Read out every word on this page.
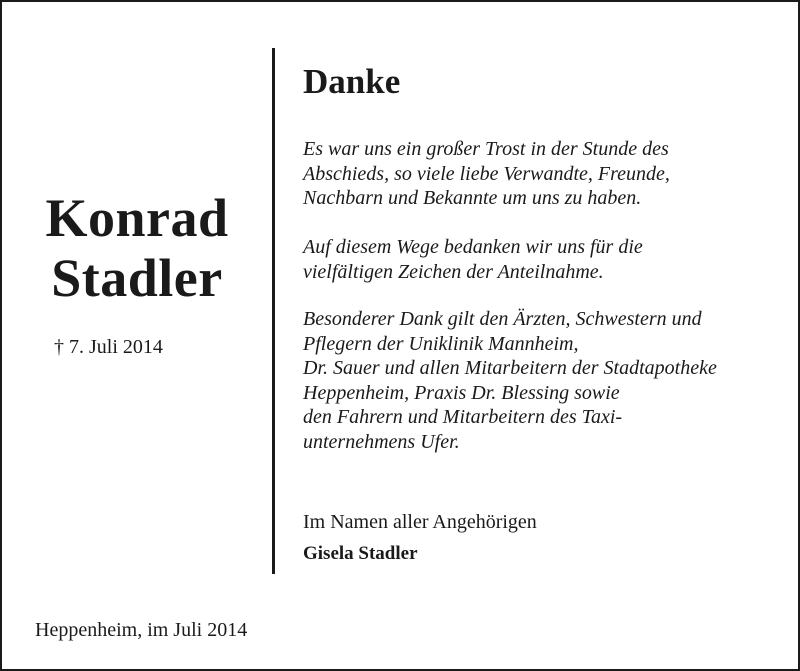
Konrad
Stadler
† 7. Juli 2014
Danke

Es war uns ein großer Trost in der Stunde des
Abschieds, so viele liebe Verwandte, Freunde,
Nachbarn und Bekannte um uns zu haben.

Auf diesem Wege bedanken wir uns für die
vielfältigen Zeichen der Anteilnahme.

Besonderer Dank gilt den Ärzten, Schwestern und
Pflegern der Uniklinik Mannheim,
Dr. Sauer und allen Mitarbeitern der Stadtapotheke
Heppenheim, Praxis Dr. Blessing sowie
den Fahrern und Mitarbeitern des Taxi-
unternehmens Ufer.

Im Namen aller Angehörigen
Gisela Stadler
Heppenheim, im Juli 2014
